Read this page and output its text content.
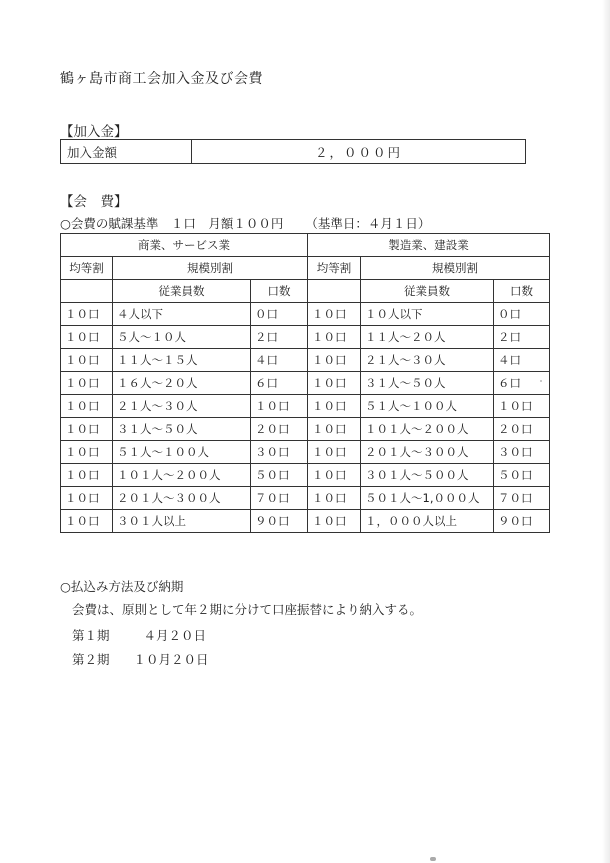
鶴ヶ島市商工会加入金及び会費
【加入金】
加入金額	２，０００円
【会　費】
○会費の賦課基準　１口　月額１００円 （基準日：４月１日）
商業、サービス業			製造業、建設業		
均等割	規模別割		均等割	規模別割	
	従業員数	口数		従業員数	口数
１０口	４人以下	０口	１０口	１０人以下	０口
１０口	５人～１０人	２口	１０口	１１人～２０人	２口
１０口	１１人～１５人	４口	１０口	２１人～３０人	４口
１０口	１６人～２０人	６口	１０口	３１人～５０人	６口
１０口	２１人～３０人	１０口	１０口	５１人～１００人	１０口
１０口	３１人～５０人	２０口	１０口	１０１人～２００人	２０口
１０口	５１人～１００人	３０口	１０口	２０１人～３００人	３０口
１０口	１０１人～２００人	５０口	１０口	３０１人～５００人	５０口
１０口	２０１人～３００人	７０口	１０口	５０１人～1,０００人	７０口
１０口	３０１人以上	９０口	１０口	１，０００人以上	９０口
○払込み方法及び納期
会費は、原則として年２期に分けて口座振替により納入する。
第１期	４月２０日
第２期 １０月２０日
